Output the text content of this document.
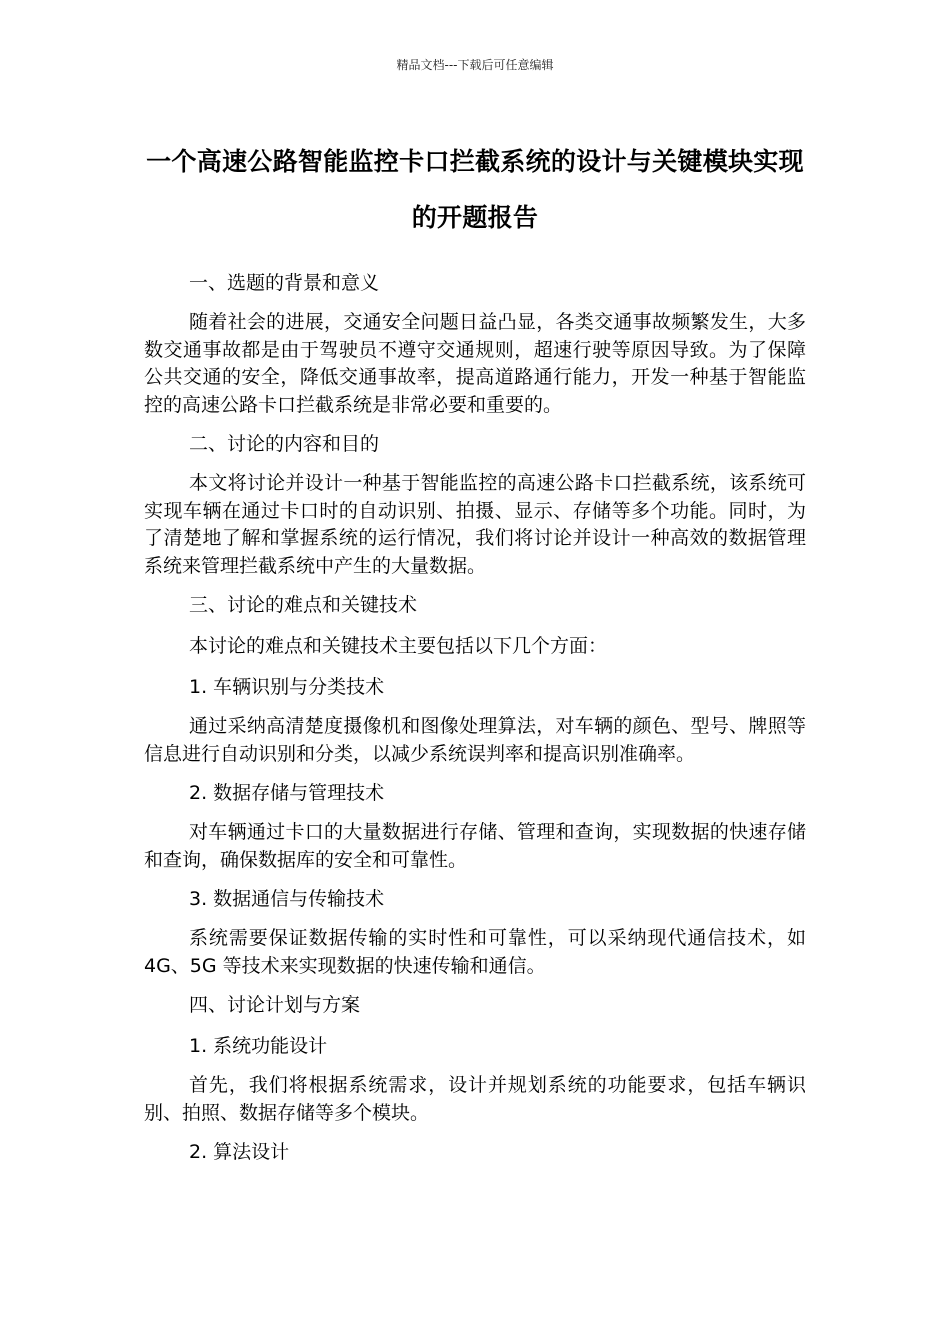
精品文档---下载后可任意编辑
一个高速公路智能监控卡口拦截系统的设计与关键模块实现的开题报告
一、选题的背景和意义
随着社会的进展，交通安全问题日益凸显，各类交通事故频繁发生，大多数交通事故都是由于驾驶员不遵守交通规则，超速行驶等原因导致。为了保障公共交通的安全，降低交通事故率，提高道路通行能力，开发一种基于智能监控的高速公路卡口拦截系统是非常必要和重要的。
二、讨论的内容和目的
本文将讨论并设计一种基于智能监控的高速公路卡口拦截系统，该系统可实现车辆在通过卡口时的自动识别、拍摄、显示、存储等多个功能。同时，为了清楚地了解和掌握系统的运行情况，我们将讨论并设计一种高效的数据管理系统来管理拦截系统中产生的大量数据。
三、讨论的难点和关键技术
本讨论的难点和关键技术主要包括以下几个方面：
1. 车辆识别与分类技术
通过采纳高清楚度摄像机和图像处理算法，对车辆的颜色、型号、牌照等信息进行自动识别和分类，以减少系统误判率和提高识别准确率。
2. 数据存储与管理技术
对车辆通过卡口的大量数据进行存储、管理和查询，实现数据的快速存储和查询，确保数据库的安全和可靠性。
3. 数据通信与传输技术
系统需要保证数据传输的实时性和可靠性，可以采纳现代通信技术，如 4G、5G 等技术来实现数据的快速传输和通信。
四、讨论计划与方案
1. 系统功能设计
首先，我们将根据系统需求，设计并规划系统的功能要求，包括车辆识别、拍照、数据存储等多个模块。
2. 算法设计
